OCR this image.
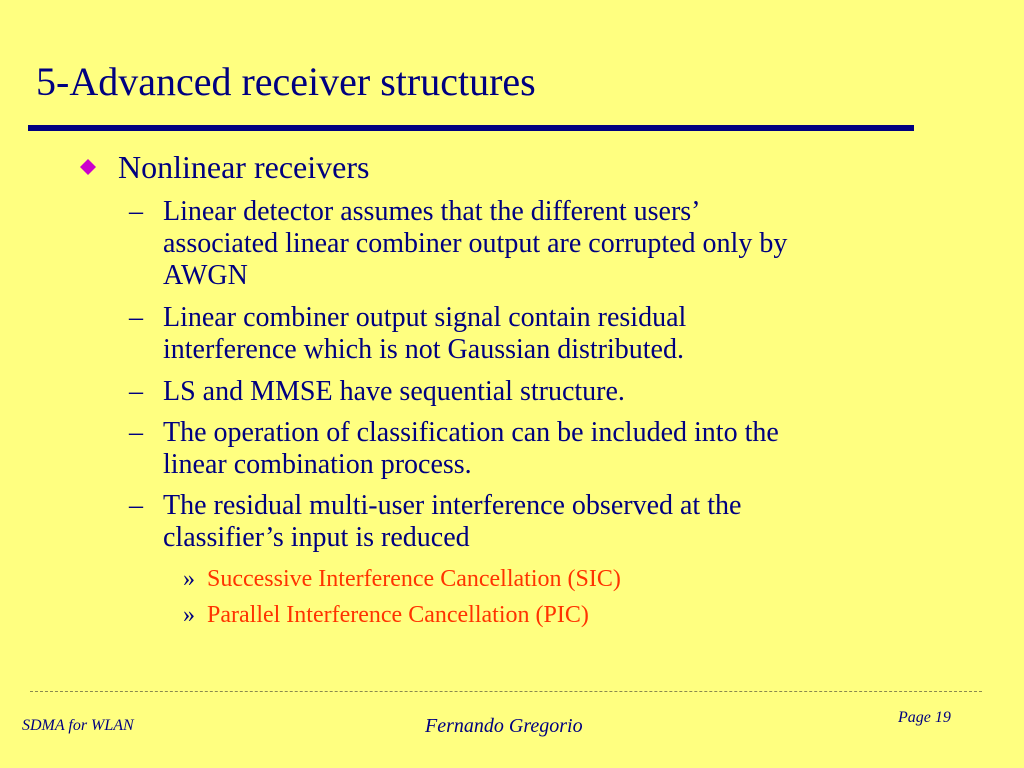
5-Advanced receiver structures
Nonlinear receivers
– Linear detector assumes that the different users’
associated linear combiner output are corrupted only by
AWGN
– Linear combiner output signal contain residual
interference which is not Gaussian distributed.
– LS and MMSE have sequential structure.
– The operation of classification can be included into the
linear combination process.
– The residual multi-user interference observed at the
classifier’s input is reduced
» Successive Interference Cancellation (SIC)
» Parallel Interference Cancellation (PIC)
SDMA for WLAN	Fernando Gregorio	Page 19
